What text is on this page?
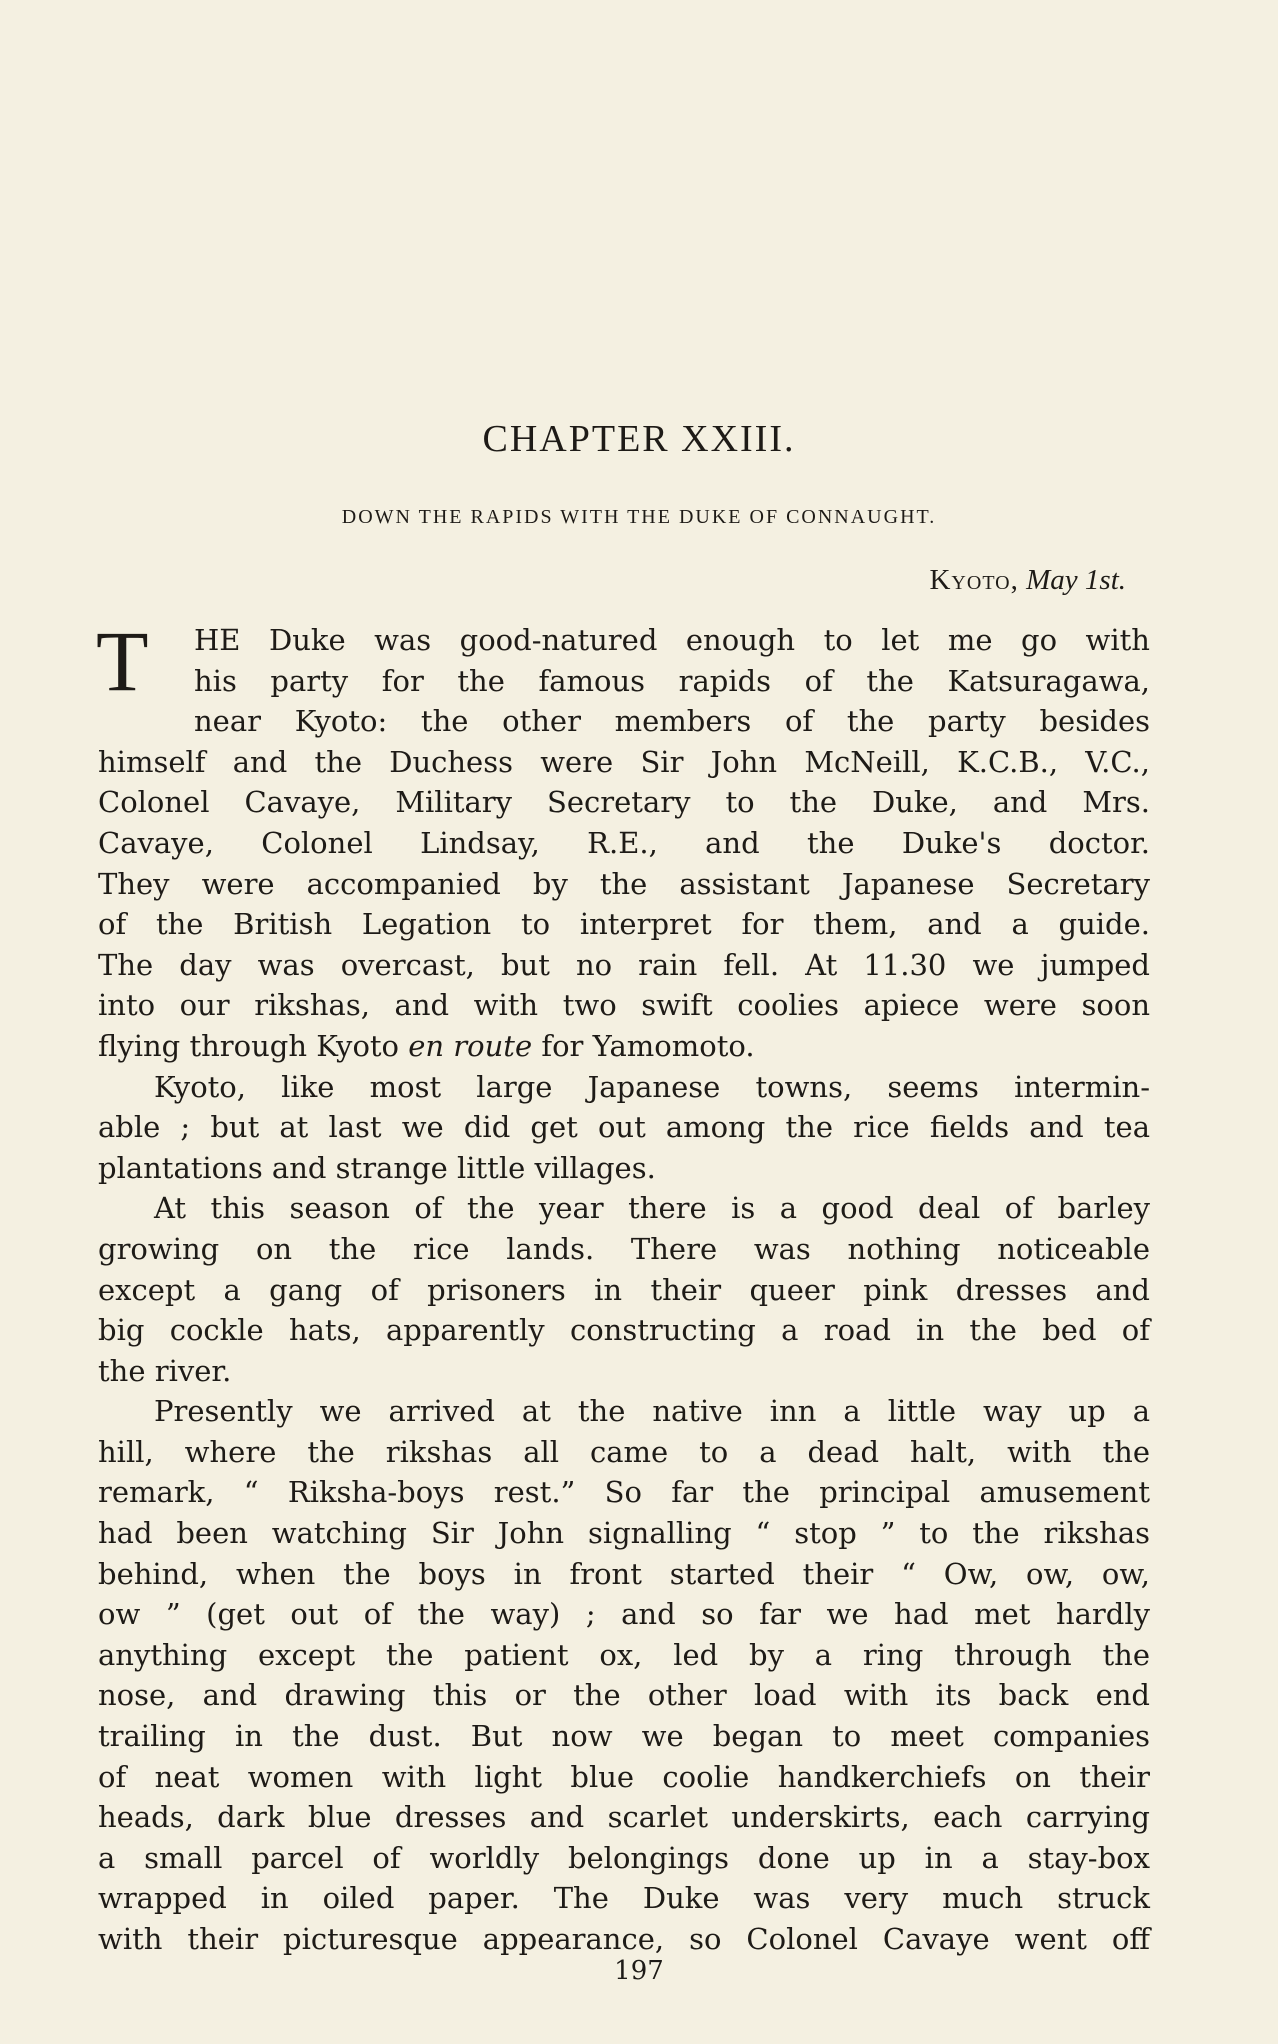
CHAPTER XXIII.
DOWN THE RAPIDS WITH THE DUKE OF CONNAUGHT.
Kyoto, May 1st.
T	HE Duke was good-natured enough to let me go with
his party for the famous rapids of the Katsuragawa,
near Kyoto: the other members of the party besides
himself and the Duchess were Sir John McNeill, K.C.B., V.C.,
Colonel Cavaye, Military Secretary to the Duke, and Mrs.
Cavaye, Colonel Lindsay, R.E., and the Duke's doctor.
They were accompanied by the assistant Japanese Secretary
of the British Legation to interpret for them, and a guide.
The day was overcast, but no rain fell. At 11.30 we jumped
into our rikshas, and with two swift coolies apiece were soon
flying through Kyoto en route for Yamomoto.
Kyoto, like most large Japanese towns, seems intermin-
able ; but at last we did get out among the rice fields and tea
plantations and strange little villages.
At this season of the year there is a good deal of barley
growing on the rice lands. There was nothing noticeable
except a gang of prisoners in their queer pink dresses and
big cockle hats, apparently constructing a road in the bed of
the river.
Presently we arrived at the native inn a little way up a
hill, where the rikshas all came to a dead halt, with the
remark, “ Riksha-boys rest.” So far the principal amusement
had been watching Sir John signalling “ stop ” to the rikshas
behind, when the boys in front started their “ Ow, ow, ow,
ow ” (get out of the way) ; and so far we had met hardly
anything except the patient ox, led by a ring through the
nose, and drawing this or the other load with its back end
trailing in the dust. But now we began to meet companies
of neat women with light blue coolie handkerchiefs on their
heads, dark blue dresses and scarlet underskirts, each carrying
a small parcel of worldly belongings done up in a stay-box
wrapped in oiled paper. The Duke was very much struck
with their picturesque appearance, so Colonel Cavaye went off
197
